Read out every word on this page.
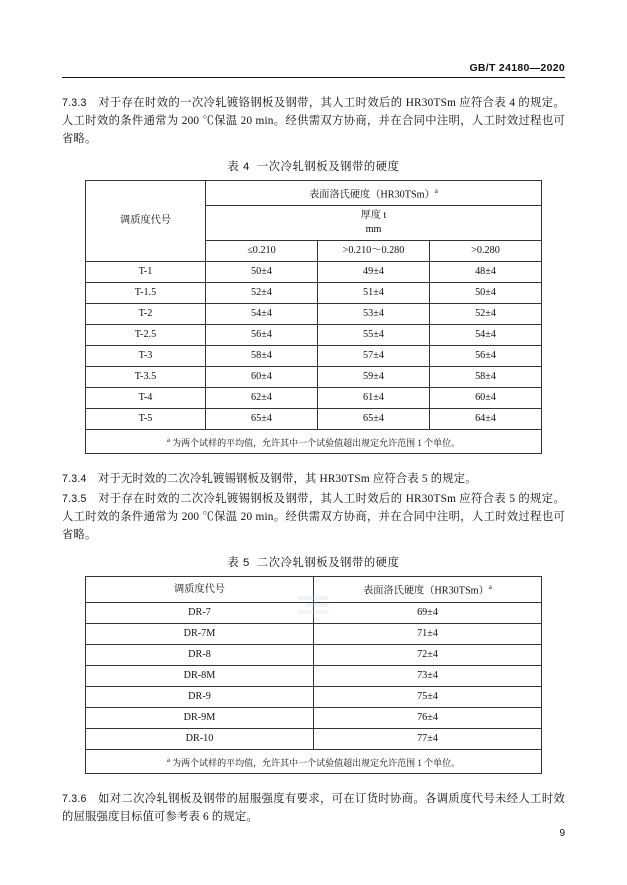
GB/T 24180—2020
7.3.3 对于存在时效的一次冷轧镀铬钢板及钢带，其人工时效后的 HR30TSm 应符合表 4 的规定。人工时效的条件通常为 200 ℃保温 20 min。经供需双方协商，并在合同中注明，人工时效过程也可省略。
表 4 一次冷轧钢板及钢带的硬度
调质度代号	表面洛氏硬度$(HR30TSm)^a$

	厚度 t
mm		

	≤0.210	>0.210～0.280	>0.280
T-1	50±4	49±4	48±4
T-1.5	52±4	51±4	50±4
T-2	54±4	53±4	52±4
T-2.5	56±4	55±4	54±4
T-3	58±4	57±4	56±4
T-3.5	60±4	59±4	58±4
T-4	62±4	61±4	60±4
T-5	65±4	65±4	64±4
$^a$ 为两个试样的平均值，允许其中一个试验值超出规定允许范围 1 个单位。			
7.3.4 对于无时效的二次冷轧镀锡钢板及钢带，其 HR30TSm 应符合表 5 的规定。
7.3.5 对于存在时效的二次冷轧镀锡钢板及钢带，其人工时效后的 HR30TSm 应符合表 5 的规定。人工时效的条件通常为 200 ℃保温 20 min。经供需双方协商，并在合同中注明，人工时效过程也可省略。
表 5 二次冷轧钢板及钢带的硬度
调质度代号	表面洛氏硬度$(HR30TSm)^a$
DR-7	69±4
DR-7M	71±4
DR-8	72±4
DR-8M	73±4
DR-9	75±4
DR-9M	76±4
DR-10	77±4
$^a$ 为两个试样的平均值，允许其中一个试验值超出规定允许范围 1 个单位。	
7.3.6 如对二次冷轧钢板及钢带的屈服强度有要求，可在订货时协商。各调质度代号未经人工时效的屈服强度目标值可参考表 6 的规定。
9
